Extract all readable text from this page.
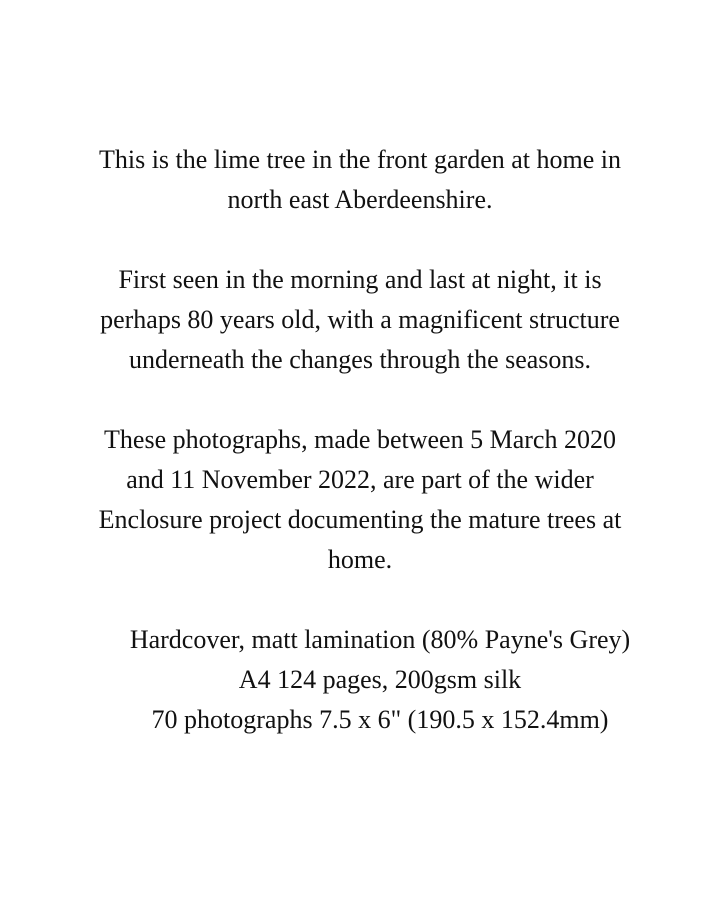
This is the lime tree in the front garden at home in
north east Aberdeenshire.

First seen in the morning and last at night, it is
perhaps 80 years old, with a magnificent structure
underneath the changes through the seasons.

These photographs, made between 5 March 2020
and 11 November 2022, are part of the wider
Enclosure project documenting the mature trees at
home.

Hardcover, matt lamination (80% Payne's Grey)
A4 124 pages, 200gsm silk
70 photographs 7.5 x 6" (190.5 x 152.4mm)
